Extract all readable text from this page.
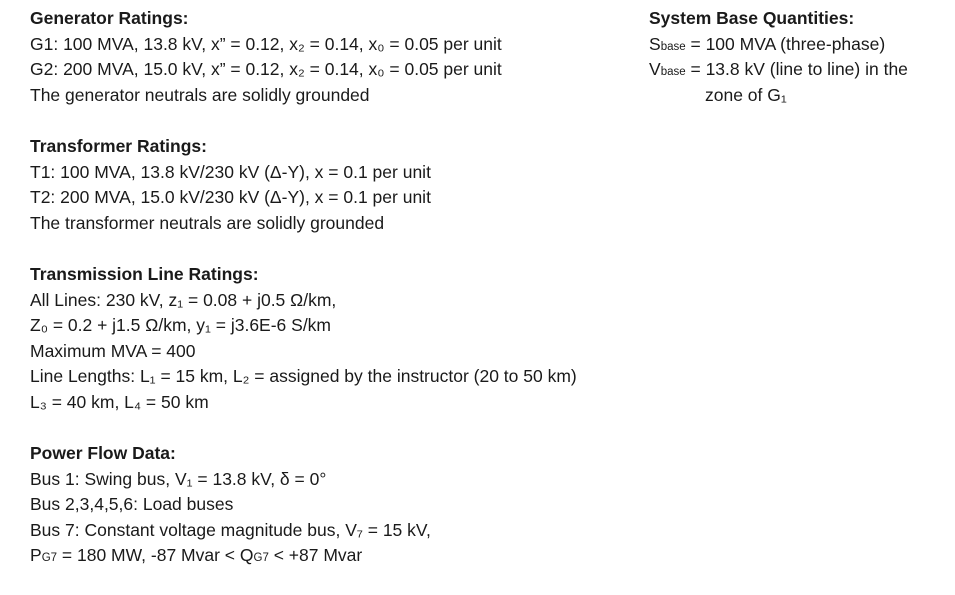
Generator Ratings:
G1: 100 MVA, 13.8 kV, x” = 0.12, x₂ = 0.14, x₀ = 0.05 per unit
G2: 200 MVA, 15.0 kV, x” = 0.12, x₂ = 0.14, x₀ = 0.05 per unit
The generator neutrals are solidly grounded
Transformer Ratings:
T1: 100 MVA, 13.8 kV/230 kV (Δ-Y), x = 0.1 per unit
T2: 200 MVA, 15.0 kV/230 kV (Δ-Y), x = 0.1 per unit
The transformer neutrals are solidly grounded
Transmission Line Ratings:
All Lines: 230 kV, z₁ = 0.08 + j0.5 Ω/km,
Z₀ = 0.2 + j1.5 Ω/km, y₁ = j3.6E-6 S/km
Maximum MVA = 400
Line Lengths: L₁ = 15 km, L₂ = assigned by the instructor (20 to 50 km)
L₃ = 40 km, L₄ = 50 km
Power Flow Data:
Bus 1: Swing bus, V₁ = 13.8 kV, δ = 0°
Bus 2,3,4,5,6: Load buses
Bus 7: Constant voltage magnitude bus, V₇ = 15 kV,
PG7 = 180 MW, -87 Mvar < QG7 < +87 Mvar
System Base Quantities:
Sbase = 100 MVA (three-phase)
Vbase = 13.8 kV (line to line) in the
zone of G₁
